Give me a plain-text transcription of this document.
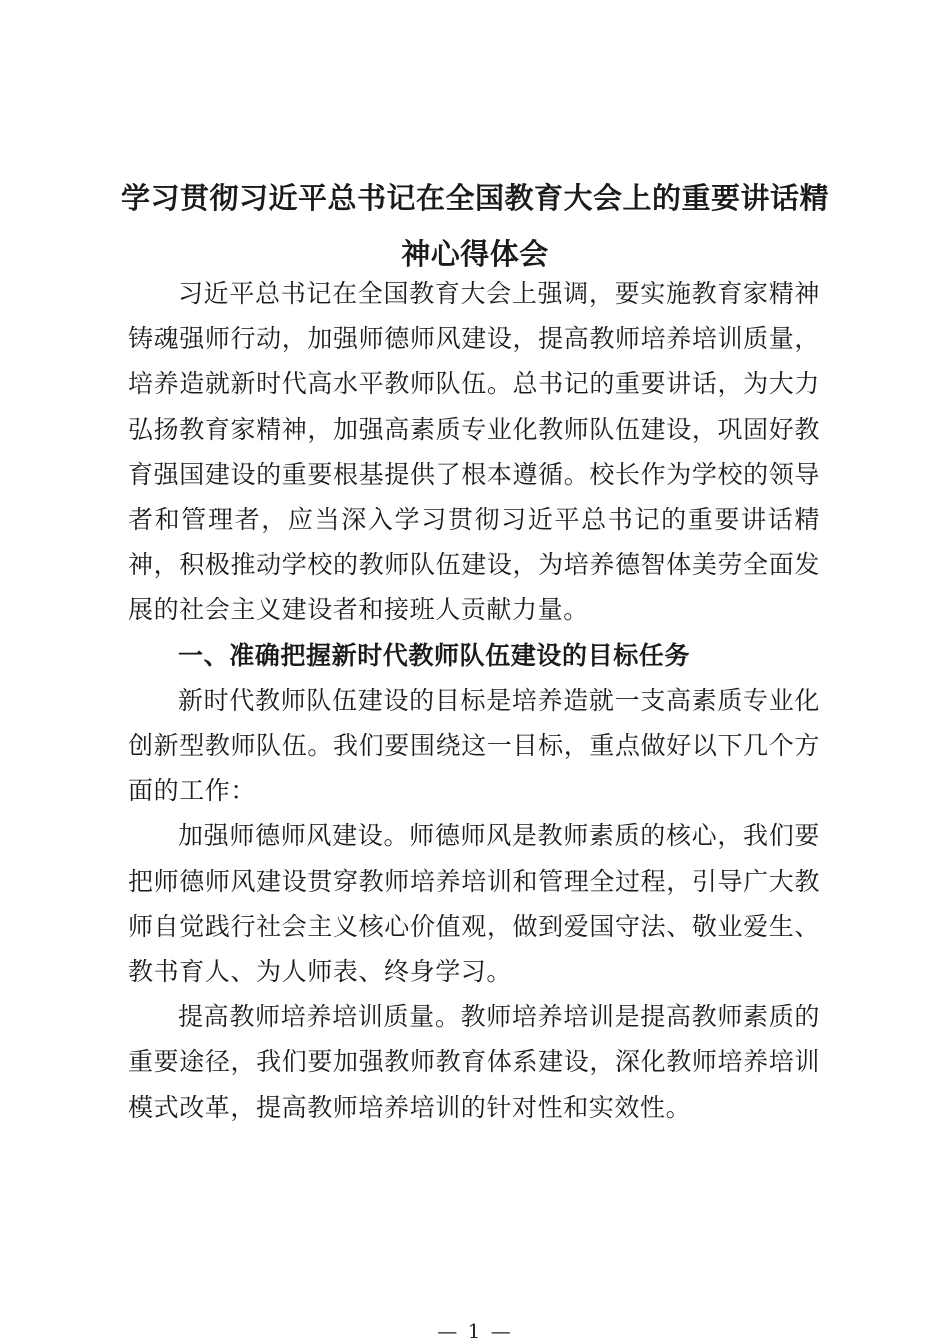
学习贯彻习近平总书记在全国教育大会上的重要讲话精神心得体会

习近平总书记在全国教育大会上强调，要实施教育家精神铸魂强师行动，加强师德师风建设，提高教师培养培训质量，培养造就新时代高水平教师队伍。总书记的重要讲话，为大力弘扬教育家精神，加强高素质专业化教师队伍建设，巩固好教育强国建设的重要根基提供了根本遵循。校长作为学校的领导者和管理者，应当深入学习贯彻习近平总书记的重要讲话精神，积极推动学校的教师队伍建设，为培养德智体美劳全面发展的社会主义建设者和接班人贡献力量。

一、准确把握新时代教师队伍建设的目标任务

新时代教师队伍建设的目标是培养造就一支高素质专业化创新型教师队伍。我们要围绕这一目标，重点做好以下几个方面的工作：

加强师德师风建设。师德师风是教师素质的核心，我们要把师德师风建设贯穿教师培养培训和管理全过程，引导广大教师自觉践行社会主义核心价值观，做到爱国守法、敬业爱生、教书育人、为人师表、终身学习。

提高教师培养培训质量。教师培养培训是提高教师素质的重要途径，我们要加强教师教育体系建设，深化教师培养培训模式改革，提高教师培养培训的针对性和实效性。

— 1 —
